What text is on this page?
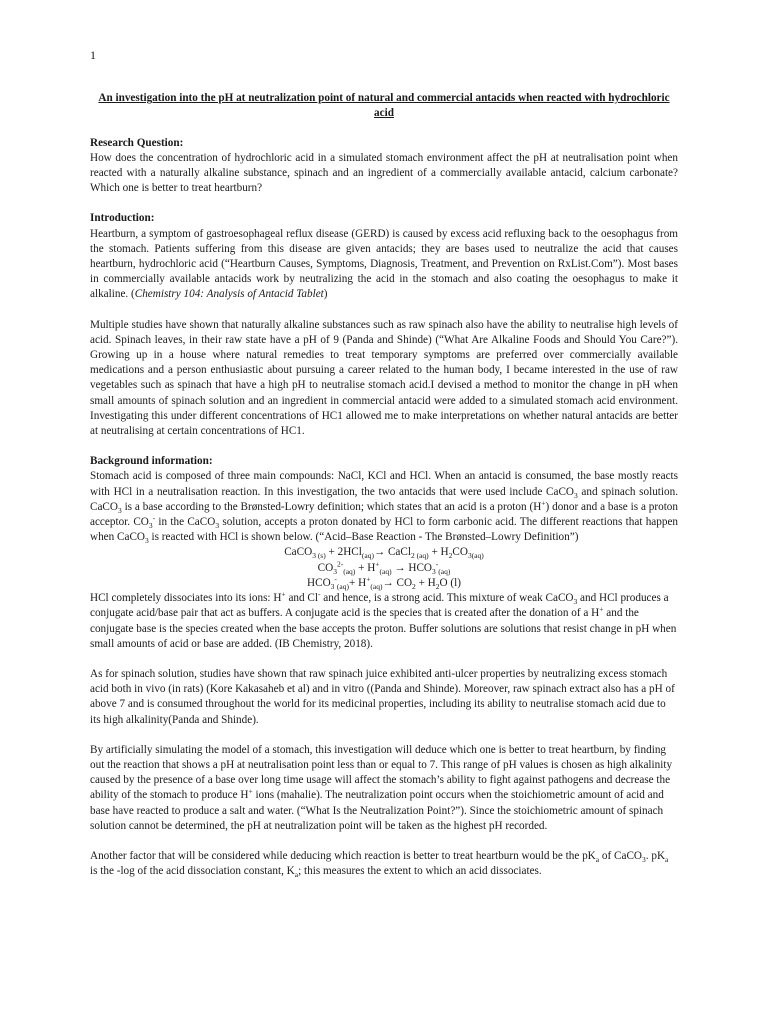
1
An investigation into the pH at neutralization point of natural and commercial antacids when reacted with hydrochloric acid
Research Question:

How does the concentration of hydrochloric acid in a simulated stomach environment affect the pH at neutralisation point when reacted with a naturally alkaline substance, spinach and an ingredient of a commercially available antacid, calcium carbonate? Which one is better to treat heartburn?

Introduction:

Heartburn, a symptom of gastroesophageal reflux disease (GERD) is caused by excess acid refluxing back to the oesophagus from the stomach. Patients suffering from this disease are given antacids; they are bases used to neutralize the acid that causes heartburn, hydrochloric acid (“Heartburn Causes, Symptoms, Diagnosis, Treatment, and Prevention on RxList.Com”). Most bases in commercially available antacids work by neutralizing the acid in the stomach and also coating the oesophagus to make it alkaline. (Chemistry 104: Analysis of Antacid Tablet)

Multiple studies have shown that naturally alkaline substances such as raw spinach also have the ability to neutralise high levels of acid. Spinach leaves, in their raw state have a pH of 9 (Panda and Shinde) (“What Are Alkaline Foods and Should You Care?”). Growing up in a house where natural remedies to treat temporary symptoms are preferred over commercially available medications and a person enthusiastic about pursuing a career related to the human body, I became interested in the use of raw vegetables such as spinach that have a high pH to neutralise stomach acid.I devised a method to monitor the change in pH when small amounts of spinach solution and an ingredient in commercial antacid were added to a simulated stomach acid environment. Investigating this under different concentrations of HC1 allowed me to make interpretations on whether natural antacids are better at neutralising at certain concentrations of HC1.

Background information:

Stomach acid is composed of three main compounds: NaCl, KCl and HCl. When an antacid is consumed, the base mostly reacts with HCl in a neutralisation reaction. In this investigation, the two antacids that were used include CaCO$_3$ and spinach solution. CaCO$_3$ is a base according to the Brønsted-Lowry definition; which states that an acid is a proton (H+) donor and a base is a proton acceptor. $CO_3^-$ in the CaCO$_3$ solution, accepts a proton donated by HCl to form carbonic acid. The different reactions that happen when CaCO$_3$ is reacted with HCl is shown below. (“Acid–Base Reaction - The Brønsted–Lowry Definition”)

CaCO$_3$ $_{(s)}$ + 2HCl$_{(aq)}$→ CaCl$_{2 (aq)}$ + $H_2CO_{3(aq)}$
$CO_3^{2-}_{(aq)} + H^+_{(aq)} \to HCO_3^-_{(aq)}$
$HCO_3^-_{(aq)}+ H^+_{(aq)}\to CO_2 + H_2O$ (l)

HCl completely dissociates into its ions: H+ and Cl- and hence, is a strong acid. This mixture of weak CaCO$_3$ and HCl produces a conjugate acid/base pair that act as buffers. A conjugate acid is the species that is created after the donation of a H+ and the conjugate base is the species created when the base accepts the proton. Buffer solutions are solutions that resist change in pH when small amounts of acid or base are added. (IB Chemistry, 2018).

As for spinach solution, studies have shown that raw spinach juice exhibited anti-ulcer properties by neutralizing excess stomach acid both in vivo (in rats) (Kore Kakasaheb et al) and in vitro ((Panda and Shinde). Moreover, raw spinach extract also has a pH of above 7 and is consumed throughout the world for its medicinal properties, including its ability to neutralise stomach acid due to its high alkalinity(Panda and Shinde).

By artificially simulating the model of a stomach, this investigation will deduce which one is better to treat heartburn, by finding out the reaction that shows a pH at neutralisation point less than or equal to 7. This range of pH values is chosen as high alkalinity caused by the presence of a base over long time usage will affect the stomach’s ability to fight against pathogens and decrease the ability of the stomach to produce H+ ions (mahalie). The neutralization point occurs when the stoichiometric amount of acid and base have reacted to produce a salt and water. (“What Is the Neutralization Point?”). Since the stoichiometric amount of spinach solution cannot be determined, the pH at neutralization point will be taken as the highest pH recorded.

Another factor that will be considered while deducing which reaction is better to treat heartburn would be the $pK_a$ of CaCO$_3$. $pK_a$ is the -log of the acid dissociation constant, $K_a$; this measures the extent to which an acid dissociates.
